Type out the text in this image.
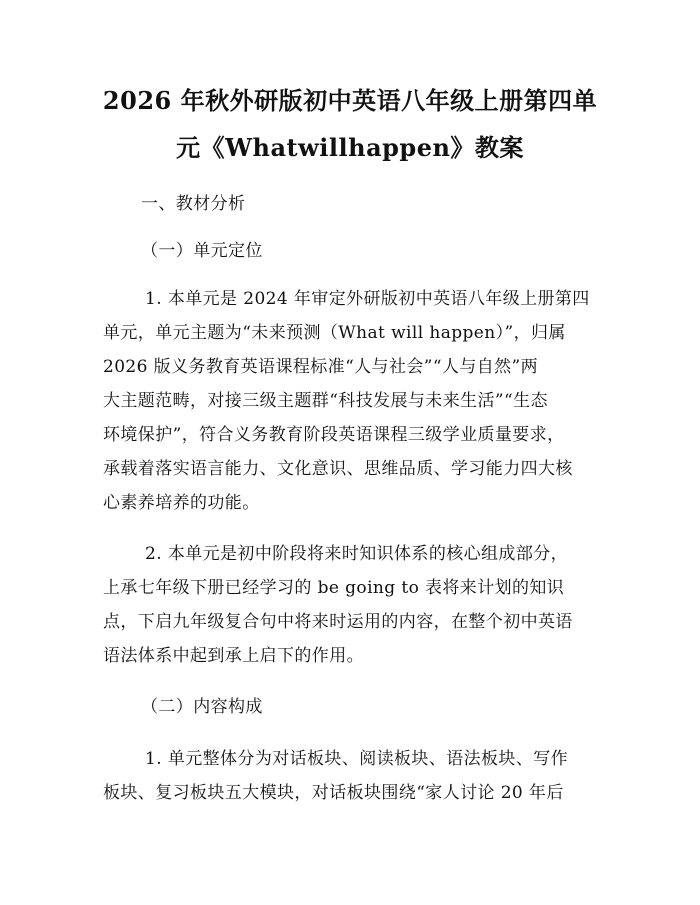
2026 年秋外研版初中英语八年级上册第四单
元《Whatwillhappen》教案
一、教材分析
（一）单元定位
1. 本单元是 2024 年审定外研版初中英语八年级上册第四
单元，单元主题为“未来预测（What will happen）”，归属
2026 版义务教育英语课程标准“人与社会”“人与自然”两
大主题范畴，对接三级主题群“科技发展与未来生活”“生态
环境保护”，符合义务教育阶段英语课程三级学业质量要求，
承载着落实语言能力、文化意识、思维品质、学习能力四大核
心素养培养的功能。
2. 本单元是初中阶段将来时知识体系的核心组成部分，
上承七年级下册已经学习的 be going to 表将来计划的知识
点，下启九年级复合句中将来时运用的内容，在整个初中英语
语法体系中起到承上启下的作用。
（二）内容构成
1. 单元整体分为对话板块、阅读板块、语法板块、写作
板块、复习板块五大模块，对话板块围绕“家人讨论 20 年后
